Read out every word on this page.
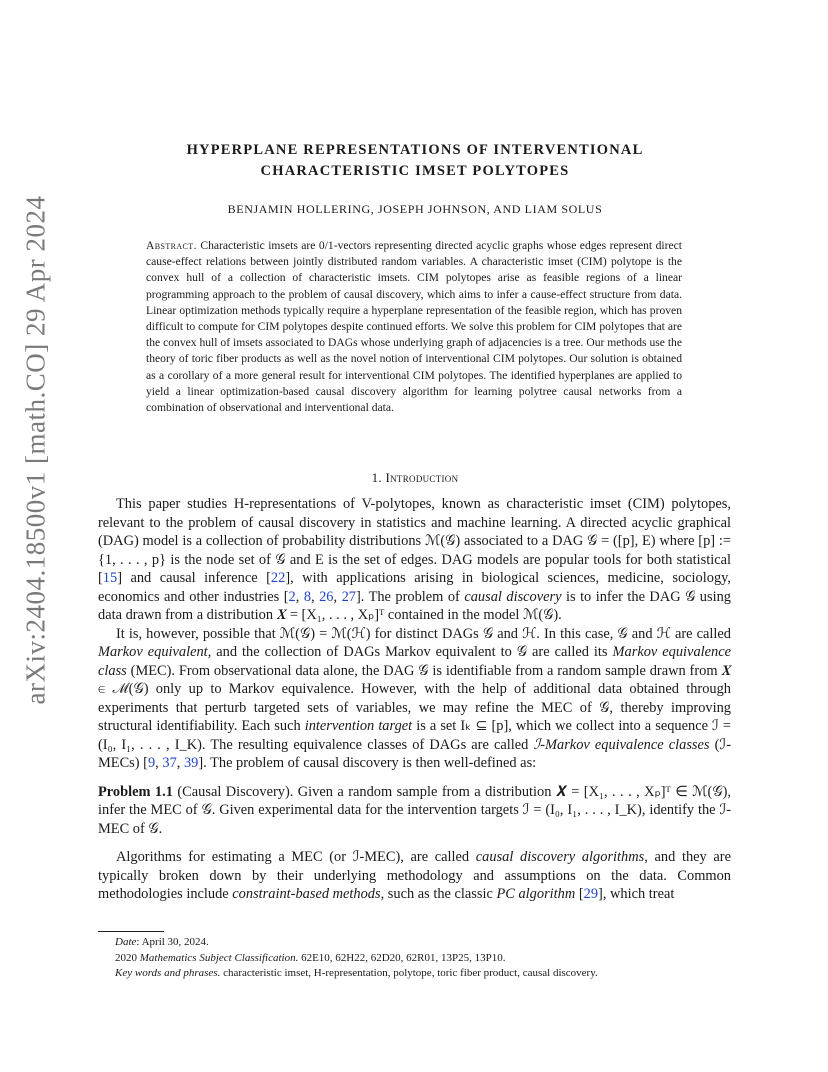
arXiv:2404.18500v1 [math.CO] 29 Apr 2024
HYPERPLANE REPRESENTATIONS OF INTERVENTIONAL
CHARACTERISTIC IMSET POLYTOPES
BENJAMIN HOLLERING, JOSEPH JOHNSON, AND LIAM SOLUS
Abstract. Characteristic imsets are 0/1-vectors representing directed acyclic graphs whose edges represent direct cause-effect relations between jointly distributed random variables. A characteristic imset (CIM) polytope is the convex hull of a collection of characteristic imsets. CIM polytopes arise as feasible regions of a linear programming approach to the problem of causal discovery, which aims to infer a cause-effect structure from data. Linear optimization methods typically require a hyperplane representation of the feasible region, which has proven difficult to compute for CIM polytopes despite continued efforts. We solve this problem for CIM polytopes that are the convex hull of imsets associated to DAGs whose underlying graph of adjacencies is a tree. Our methods use the theory of toric fiber products as well as the novel notion of interventional CIM polytopes. Our solution is obtained as a corollary of a more general result for interventional CIM polytopes. The identified hyperplanes are applied to yield a linear optimization-based causal discovery algorithm for learning polytree causal networks from a combination of observational and interventional data.
1. Introduction

This paper studies H-representations of V-polytopes, known as characteristic imset (CIM) polytopes, relevant to the problem of causal discovery in statistics and machine learning. A directed acyclic graphical (DAG) model is a collection of probability distributions ℳ(𝒢) associated to a DAG 𝒢 = ([p], E) where [p] := {1, . . . , p} is the node set of 𝒢 and E is the set of edges. DAG models are popular tools for both statistical [15] and causal inference [22], with applications arising in biological sciences, medicine, sociology, economics and other industries [2, 8, 26, 27]. The problem of causal discovery is to infer the DAG 𝒢 using data drawn from a distribution 𝑿 = [X₁, . . . , Xₚ]ᵀ contained in the model ℳ(𝒢).

It is, however, possible that ℳ(𝒢) = ℳ(ℋ) for distinct DAGs 𝒢 and ℋ. In this case, 𝒢 and ℋ are called Markov equivalent, and the collection of DAGs Markov equivalent to 𝒢 are called its Markov equivalence class (MEC). From observational data alone, the DAG 𝒢 is identifiable from a random sample drawn from 𝑿 ∈ ℳ(𝒢) only up to Markov equivalence. However, with the help of additional data obtained through experiments that perturb targeted sets of variables, we may refine the MEC of 𝒢, thereby improving structural identifiability. Each such intervention target is a set Iₖ ⊆ [p], which we collect into a sequence ℐ = (I₀, I₁, . . . , I_K). The resulting equivalence classes of DAGs are called ℐ-Markov equivalence classes (ℐ-MECs) [9, 37, 39]. The problem of causal discovery is then well-defined as:

Problem 1.1 (Causal Discovery). Given a random sample from a distribution 𝑿 = [X₁, . . . , Xₚ]ᵀ ∈ ℳ(𝒢), infer the MEC of 𝒢. Given experimental data for the intervention targets ℐ = (I₀, I₁, . . . , I_K), identify the ℐ-MEC of 𝒢.

Algorithms for estimating a MEC (or ℐ-MEC), are called causal discovery algorithms, and they are typically broken down by their underlying methodology and assumptions on the data. Common methodologies include constraint-based methods, such as the classic PC algorithm [29], which treat

Date: April 30, 2024.
2020 Mathematics Subject Classification. 62E10, 62H22, 62D20, 62R01, 13P25, 13P10.
Key words and phrases. characteristic imset, H-representation, polytope, toric fiber product, causal discovery.
